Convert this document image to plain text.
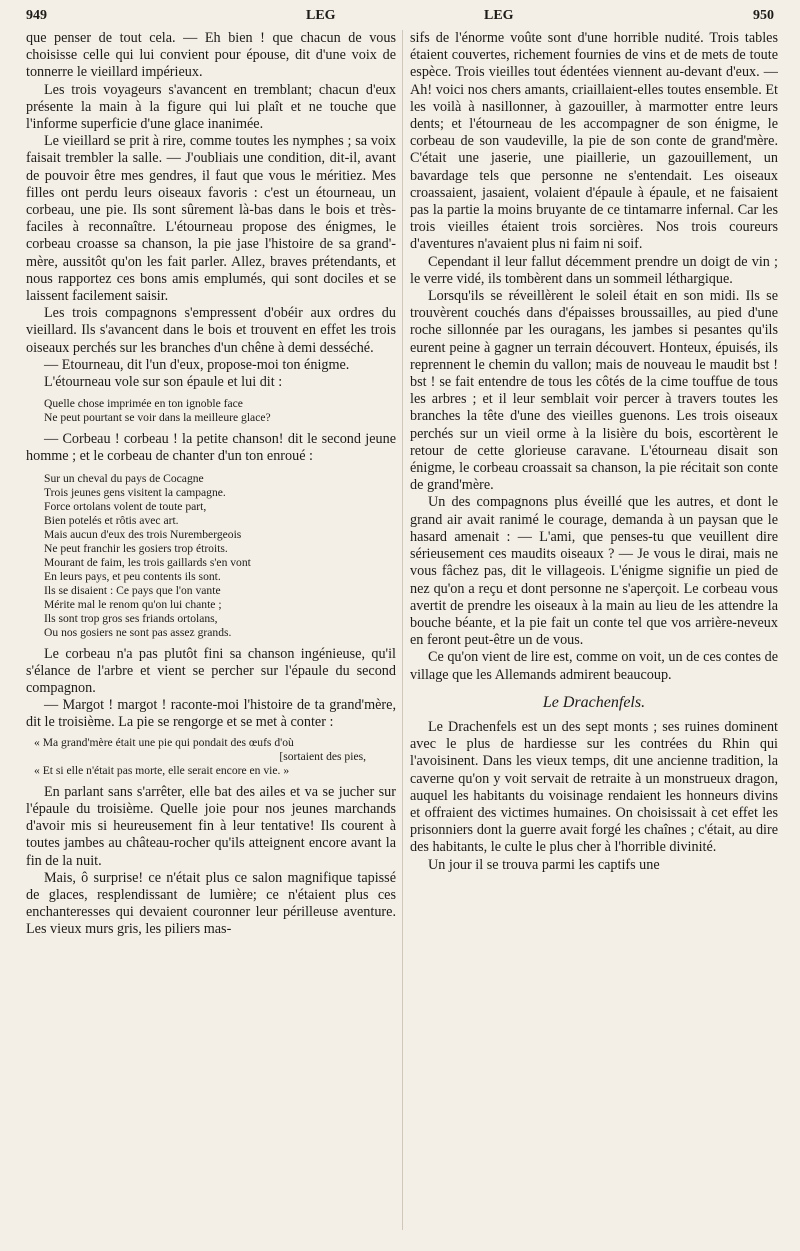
949	LEG	LEG	950

que penser de tout cela. — Eh bien ! que chacun de vous choisisse celle qui lui convient pour épouse, dit d'une voix de tonnerre le vieillard impérieux.

Les trois voyageurs s'avancent en tremblant; chacun d'eux présente la main à la figure qui lui plaît et ne touche que l'informe superficie d'une glace inanimée.

Le vieillard se prit à rire, comme toutes les nymphes ; sa voix faisait trembler la salle. — J'oubliais une condition, dit-il, avant de pouvoir être mes gendres, il faut que vous le méritiez. Mes filles ont perdu leurs oiseaux favoris : c'est un étourneau, un corbeau, une pie. Ils sont sûrement là-bas dans le bois et très-faciles à reconnaître. L'étourneau propose des énigmes, le corbeau croasse sa chanson, la pie jase l'histoire de sa grand'-mère, aussitôt qu'on les fait parler. Allez, braves prétendants, et nous rapportez ces bons amis emplumés, qui sont dociles et se laissent facilement saisir.

Les trois compagnons s'empressent d'obéir aux ordres du vieillard. Ils s'avancent dans le bois et trouvent en effet les trois oiseaux perchés sur les branches d'un chêne à demi desséché.

— Etourneau, dit l'un d'eux, propose-moi ton énigme.

L'étourneau vole sur son épaule et lui dit :

Quelle chose imprimée en ton ignoble face
Ne peut pourtant se voir dans la meilleure glace?

— Corbeau ! corbeau ! la petite chanson! dit le second jeune homme ; et le corbeau de chanter d'un ton enroué :

Sur un cheval du pays de Cocagne
Trois jeunes gens visitent la campagne.
Force ortolans volent de toute part,
Bien potelés et rôtis avec art.
Mais aucun d'eux des trois Nurembergeois
Ne peut franchir les gosiers trop étroits.
Mourant de faim, les trois gaillards s'en vont
En leurs pays, et peu contents ils sont.
Ils se disaient : Ce pays que l'on vante
Mérite mal le renom qu'on lui chante ;
Ils sont trop gros ses friands ortolans,
Ou nos gosiers ne sont pas assez grands.

Le corbeau n'a pas plutôt fini sa chanson ingénieuse, qu'il s'élance de l'arbre et vient se percher sur l'épaule du second compagnon.

— Margot ! margot ! raconte-moi l'histoire de ta grand'mère, dit le troisième. La pie se rengorge et se met à conter :

« Ma grand'mère était une pie qui pondait des œufs d'où
[sortaient des pies,
« Et si elle n'était pas morte, elle serait encore en vie. »

En parlant sans s'arrêter, elle bat des ailes et va se jucher sur l'épaule du troisième. Quelle joie pour nos jeunes marchands d'avoir mis si heureusement fin à leur tentative! Ils courent à toutes jambes au château-rocher qu'ils atteignent encore avant la fin de la nuit.

Mais, ô surprise! ce n'était plus ce salon magnifique tapissé de glaces, resplendissant de lumière; ce n'étaient plus ces enchanteresses qui devaient couronner leur périlleuse aventure. Les vieux murs gris, les piliers mas-

sifs de l'énorme voûte sont d'une horrible nudité. Trois tables étaient couvertes, richement fournies de vins et de mets de toute espèce. Trois vieilles tout édentées viennent au-devant d'eux. — Ah! voici nos chers amants, criaillaient-elles toutes ensemble. Et les voilà à nasillonner, à gazouiller, à marmotter entre leurs dents; et l'étourneau de les accompagner de son énigme, le corbeau de son vaudeville, la pie de son conte de grand'mère. C'était une jaserie, une piaillerie, un gazouillement, un bavardage tels que personne ne s'entendait. Les oiseaux croassaient, jasaient, volaient d'épaule à épaule, et ne faisaient pas la partie la moins bruyante de ce tintamarre infernal. Car les trois vieilles étaient trois sorcières. Nos trois coureurs d'aventures n'avaient plus ni faim ni soif.

Cependant il leur fallut décemment prendre un doigt de vin ; le verre vidé, ils tombèrent dans un sommeil léthargique.

Lorsqu'ils se réveillèrent le soleil était en son midi. Ils se trouvèrent couchés dans d'épaisses broussailles, au pied d'une roche sillonnée par les ouragans, les jambes si pesantes qu'ils eurent peine à gagner un terrain découvert. Honteux, épuisés, ils reprennent le chemin du vallon; mais de nouveau le maudit bst ! bst ! se fait entendre de tous les côtés de la cime touffue de tous les arbres ; et il leur semblait voir percer à travers toutes les branches la tête d'une des vieilles guenons. Les trois oiseaux perchés sur un vieil orme à la lisière du bois, escortèrent le retour de cette glorieuse caravane. L'étourneau disait son énigme, le corbeau croassait sa chanson, la pie récitait son conte de grand'mère.

Un des compagnons plus éveillé que les autres, et dont le grand air avait ranimé le courage, demanda à un paysan que le hasard amenait : — L'ami, que penses-tu que veuillent dire sérieusement ces maudits oiseaux ? — Je vous le dirai, mais ne vous fâchez pas, dit le villageois. L'énigme signifie un pied de nez qu'on a reçu et dont personne ne s'aperçoit. Le corbeau vous avertit de prendre les oiseaux à la main au lieu de les attendre la bouche béante, et la pie fait un conte tel que vos arrière-neveux en feront peut-être un de vous.

Ce qu'on vient de lire est, comme on voit, un de ces contes de village que les Allemands admirent beaucoup.

Le Drachenfels.

Le Drachenfels est un des sept monts ; ses ruines dominent avec le plus de hardiesse sur les contrées du Rhin qui l'avoisinent. Dans les vieux temps, dit une ancienne tradition, la caverne qu'on y voit servait de retraite à un monstrueux dragon, auquel les habitants du voisinage rendaient les honneurs divins et offraient des victimes humaines. On choisissait à cet effet les prisonniers dont la guerre avait forgé les chaînes ; c'était, au dire des habitants, le culte le plus cher à l'horrible divinité.

Un jour il se trouva parmi les captifs une
